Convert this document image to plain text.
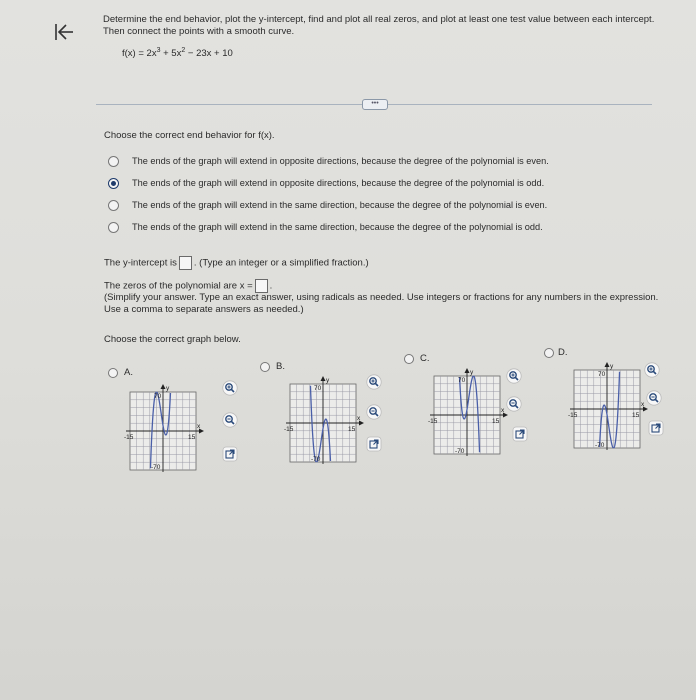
Determine the end behavior, plot the y-intercept, find and plot all real zeros, and plot at least one test value between each intercept. Then connect the points with a smooth curve.
$f(x) = 2x^3 + 5x^2 - 23x + 10$
•••
Choose the correct end behavior for f(x).
The ends of the graph will extend in opposite directions, because the degree of the polynomial is even.
The ends of the graph will extend in opposite directions, because the degree of the polynomial is odd.
The ends of the graph will extend in the same direction, because the degree of the polynomial is even.
The ends of the graph will extend in the same direction, because the degree of the polynomial is odd.
The y-intercept is . (Type an integer or a simplified fraction.)
The zeros of the polynomial are x = .
(Simplify your answer. Type an exact answer, using radicals as needed. Use integers or fractions for any numbers in the expression. Use a comma to separate answers as needed.)
Choose the correct graph below.
A.
y
x
70
-70
-15	15
B.
y
x
70
-70
-15	15
C.
y
x
70
-70
-15	15
D.
y
x
70
-70
-15	15
